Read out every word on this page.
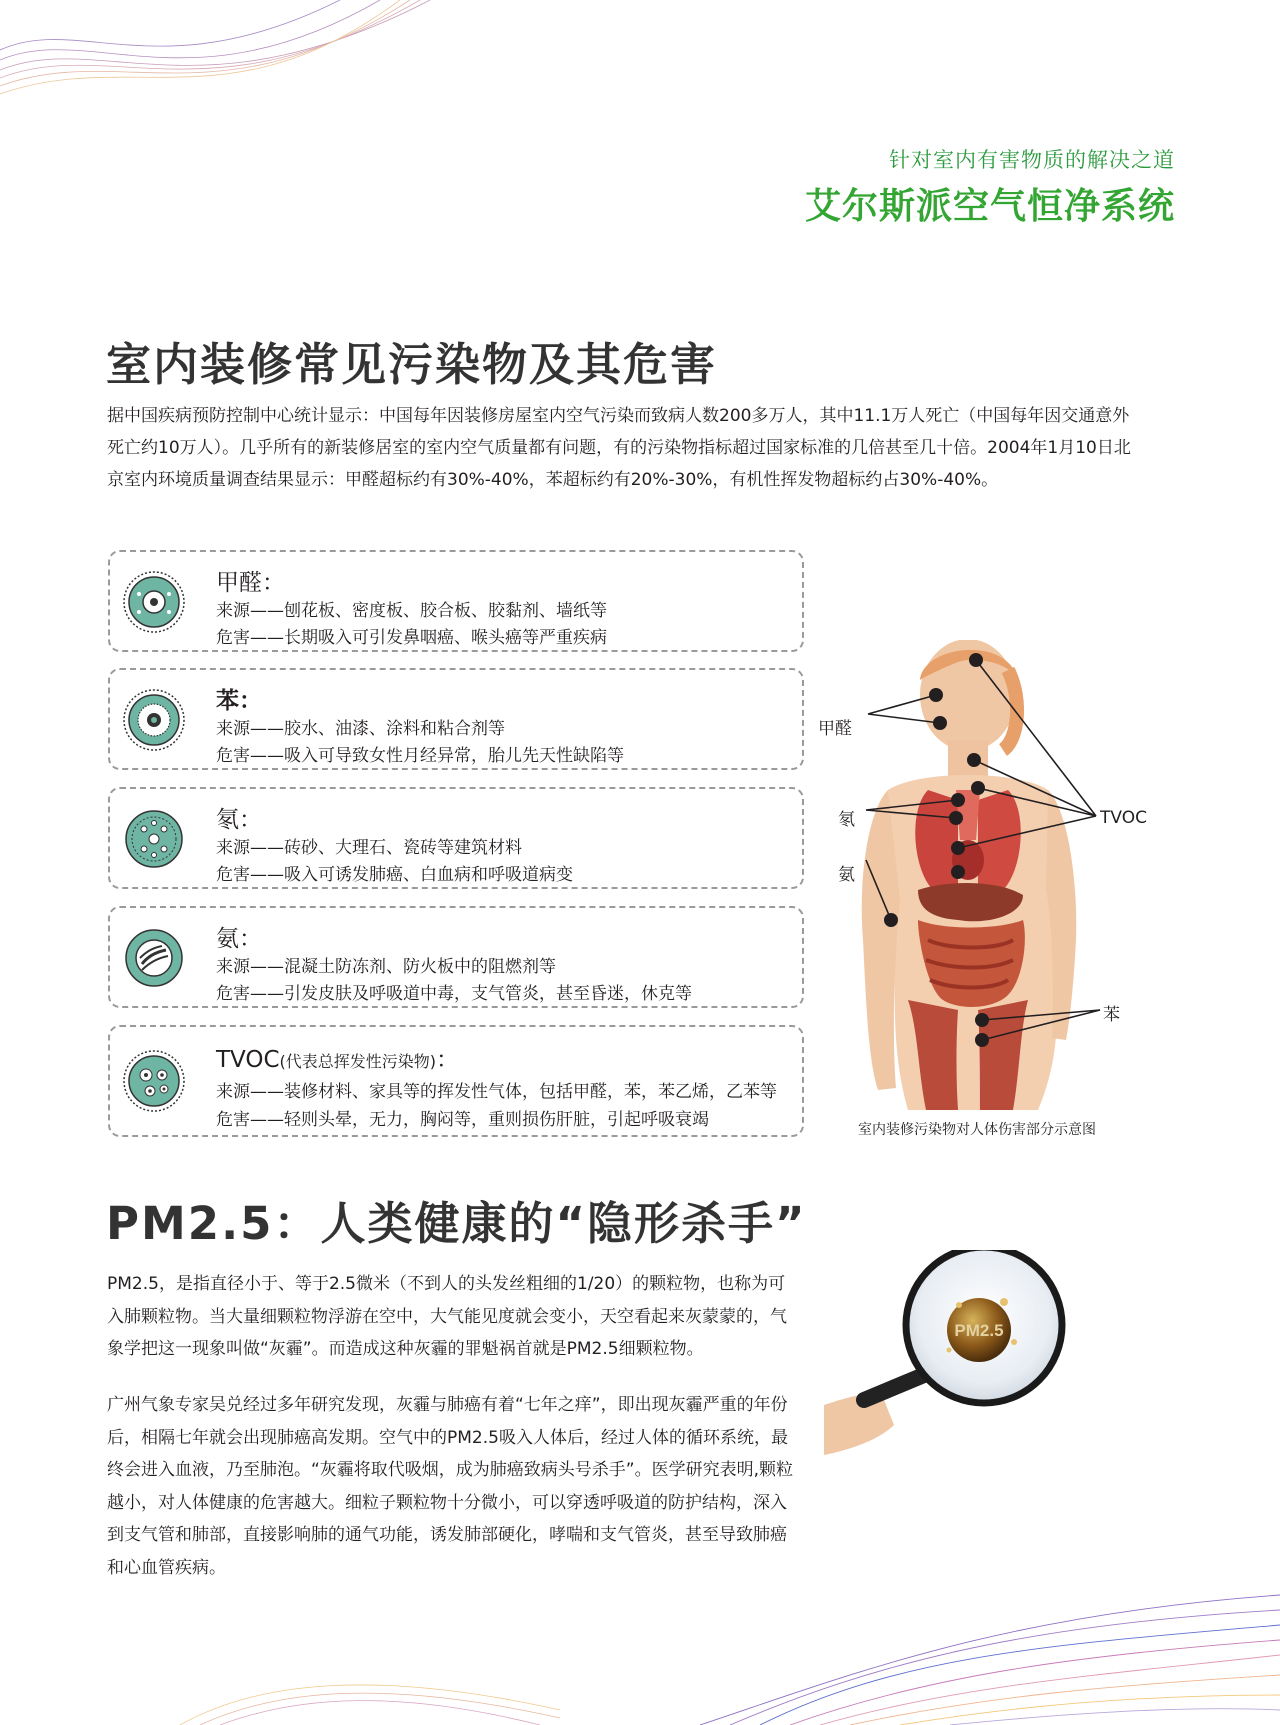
针对室内有害物质的解决之道
艾尔斯派空气恒净系统
室内装修常见污染物及其危害
据中国疾病预防控制中心统计显示：中国每年因装修房屋室内空气污染而致病人数200多万人，其中11.1万人死亡（中国每年因交通意外死亡约10万人）。几乎所有的新装修居室的室内空气质量都有问题，有的污染物指标超过国家标准的几倍甚至几十倍。2004年1月10日北京室内环境质量调查结果显示：甲醛超标约有30%-40%，苯超标约有20%-30%，有机性挥发物超标约占30%-40%。
甲醛：
来源——刨花板、密度板、胶合板、胶黏剂、墙纸等
危害——长期吸入可引发鼻咽癌、喉头癌等严重疾病
苯：
来源——胶水、油漆、涂料和粘合剂等
危害——吸入可导致女性月经异常，胎儿先天性缺陷等
氡：
来源——砖砂、大理石、瓷砖等建筑材料
危害——吸入可诱发肺癌、白血病和呼吸道病变
氨：
来源——混凝土防冻剂、防火板中的阻燃剂等
危害——引发皮肤及呼吸道中毒，支气管炎，甚至昏迷，休克等
TVOC(代表总挥发性污染物)：
来源——装修材料、家具等的挥发性气体，包括甲醛，苯，苯乙烯，乙苯等
危害——轻则头晕，无力，胸闷等，重则损伤肝脏，引起呼吸衰竭
甲醛
氡
氨
TVOC
苯
室内装修污染物对人体伤害部分示意图
PM2.5：人类健康的“隐形杀手”
PM2.5，是指直径小于、等于2.5微米（不到人的头发丝粗细的1/20）的颗粒物，也称为可入肺颗粒物。当大量细颗粒物浮游在空中，大气能见度就会变小，天空看起来灰蒙蒙的，气象学把这一现象叫做“灰霾”。而造成这种灰霾的罪魁祸首就是PM2.5细颗粒物。
广州气象专家吴兑经过多年研究发现，灰霾与肺癌有着“七年之痒”，即出现灰霾严重的年份后，相隔七年就会出现肺癌高发期。空气中的PM2.5吸入人体后，经过人体的循环系统，最终会进入血液，乃至肺泡。“灰霾将取代吸烟，成为肺癌致病头号杀手”。医学研究表明,颗粒越小，对人体健康的危害越大。细粒子颗粒物十分微小，可以穿透呼吸道的防护结构，深入到支气管和肺部，直接影响肺的通气功能，诱发肺部硬化，哮喘和支气管炎，甚至导致肺癌和心血管疾病。
PM2.5
